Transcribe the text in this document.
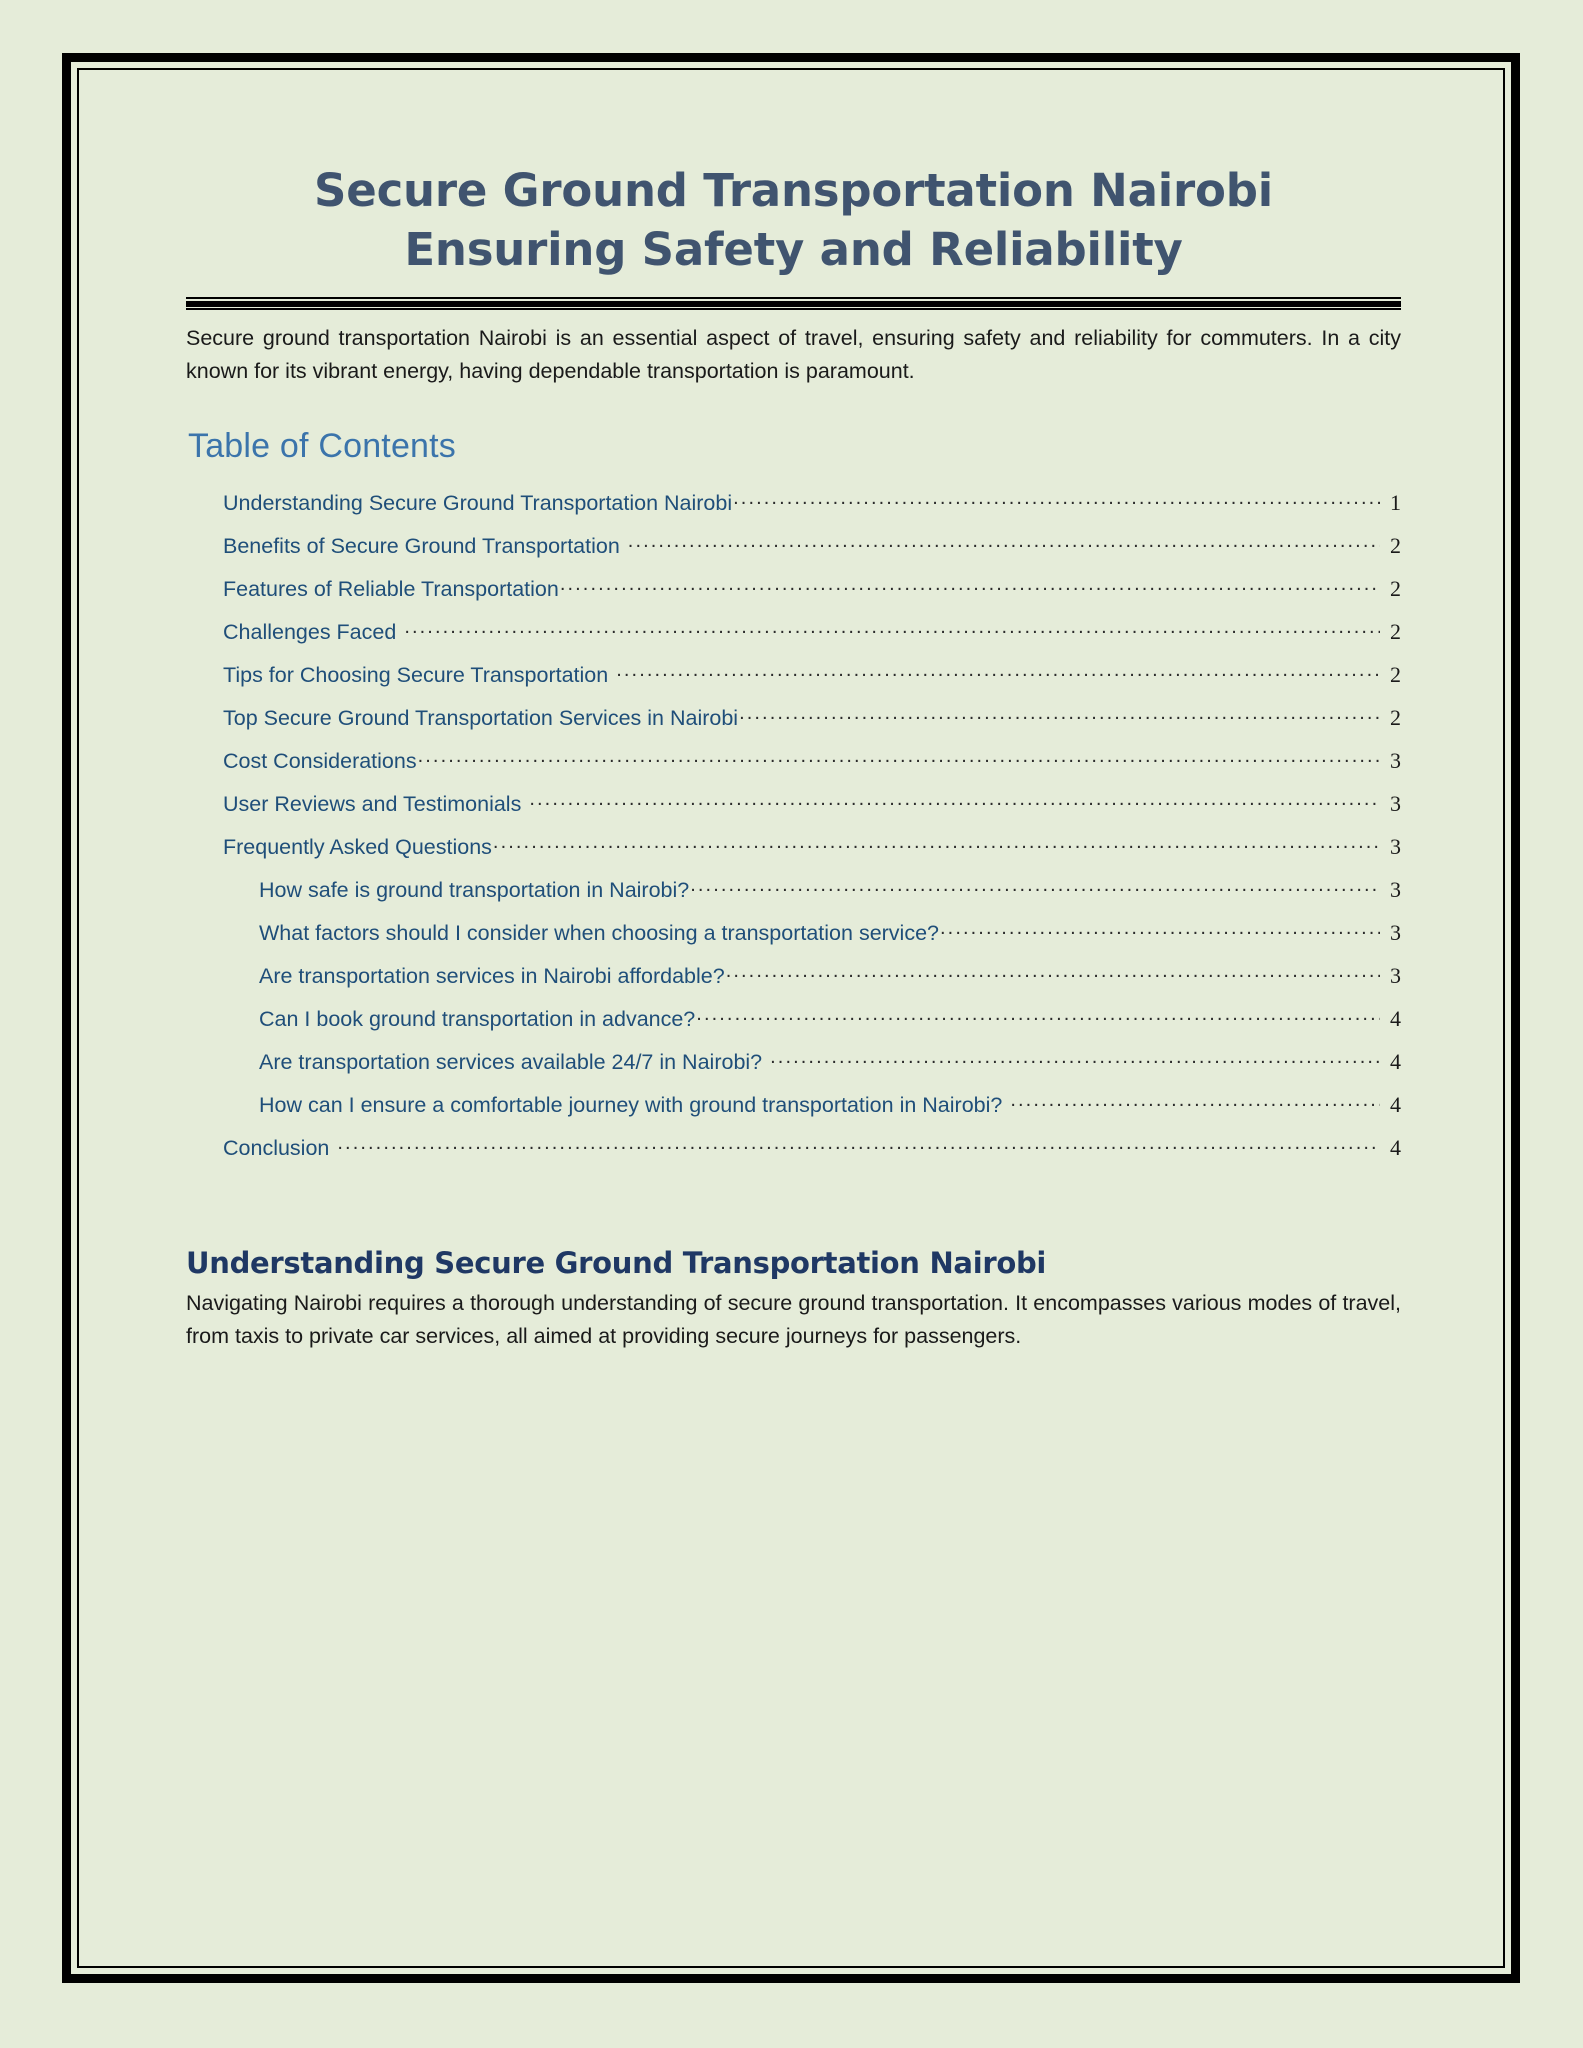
Secure Ground Transportation Nairobi Ensuring Safety and Reliability

Secure ground transportation Nairobi is an essential aspect of travel, ensuring safety and reliability for commuters. In a city known for its vibrant energy, having dependable transportation is paramount.

Table of Contents
Understanding Secure Ground Transportation Nairobi .....	1
Benefits of Secure Ground Transportation .....	2
Features of Reliable Transportation .....	2
Challenges Faced .....	2
Tips for Choosing Secure Transportation .....	2
Top Secure Ground Transportation Services in Nairobi .....	2
Cost Considerations .....	3
User Reviews and Testimonials .....	3
Frequently Asked Questions .....	3
How safe is ground transportation in Nairobi? .....	3
What factors should I consider when choosing a transportation service? .....	3
Are transportation services in Nairobi affordable? .....	3
Can I book ground transportation in advance? .....	4
Are transportation services available 24/7 in Nairobi? .....	4
How can I ensure a comfortable journey with ground transportation in Nairobi? .....	4
Conclusion .....	4
Understanding Secure Ground Transportation Nairobi

Navigating Nairobi requires a thorough understanding of secure ground transportation. It encompasses various modes of travel, from taxis to private car services, all aimed at providing secure journeys for passengers.
